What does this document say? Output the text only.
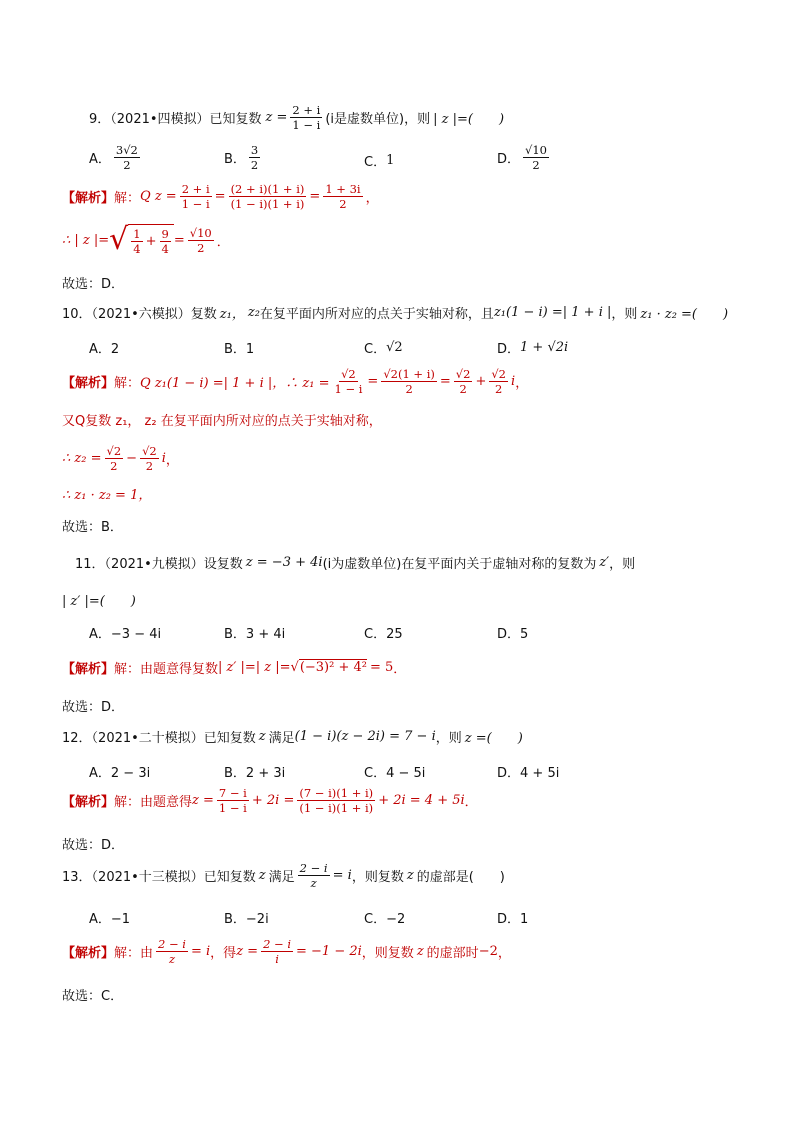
9．（2021•四模拟）已知复数 $z = \frac{2 + i}{1 - i} (i$是虚数单位)，则 | z |=(　　)
A． $\frac{3√2}{2}$	B． $\frac{3}{2}$	C． 1	D． $\frac{√10}{2}$
【解析】 解： Q $z = \frac{2 + i}{1 - i} = \frac{(2 + i)(1 + i)}{(1 - i)(1 + i)} = \frac{1 + 3i}{2}$ ，
∴ | z |= √ $\frac{1}{4} + \frac{9}{4} = \frac{√10}{2}$ ．
故选：D．
10．（2021•六模拟）复数 z₁， z₂ 在复平面内所对应的点关于实轴对称，且 z₁(1 − i) =| 1 + i | ，则 z₁ · z₂ =(　　)
A．2	B．1	C． √2	D． 1 + √2i
【解析】 解： Q z₁(1 − i) =| 1 + i |，∴ $z_1 = \frac{√2}{1 - i} = \frac{√2(1 + i)}{2} = \frac{√2}{2} + \frac{√2}{2}$ i ，
又Q复数 z₁， z₂ 在复平面内所对应的点关于实轴对称，
∴ $z_2 = \frac{√2}{2} - \frac{√2}{2}$ i ，
∴ z₁ · z₂ = 1，
故选：B．
11．（2021•九模拟）设复数 z = −3 + 4i (i为虚数单位)在复平面内关于虚轴对称的复数为 z′ ，则
| z′ |=(　　)
A．−3 − 4i	B．3 + 4i	C．25	D．5
【解析】 解：由题意得复数 | z′ |=| z |= √(−3)² + 4² = 5 ．
故选：D．
12．（2021•二十模拟）已知复数 z 满足 (1 − i)(z − 2i) = 7 − i ，则 z =(　　)
A．2 − 3i	B．2 + 3i	C．4 − 5i	D．4 + 5i
【解析】 解：由题意得 $z = \frac{7 - i}{1 - i} + 2i = \frac{(7 - i)(1 + i)}{(1 - i)(1 + i)} + 2i = 4 + 5i$ ．
故选：D．
13．（2021•十三模拟）已知复数 z 满足 $\frac{2 - i}{z} = i$ ，则复数 z 的虚部是(　　)
A．−1	B．−2i	C．−2	D．1
【解析】 解：由 $\frac{2 - i}{z} = i$ ，得 $z = \frac{2 - i}{i} = -1 - 2i$ ，则复数 z 的虚部时 −2 ，
故选：C．
